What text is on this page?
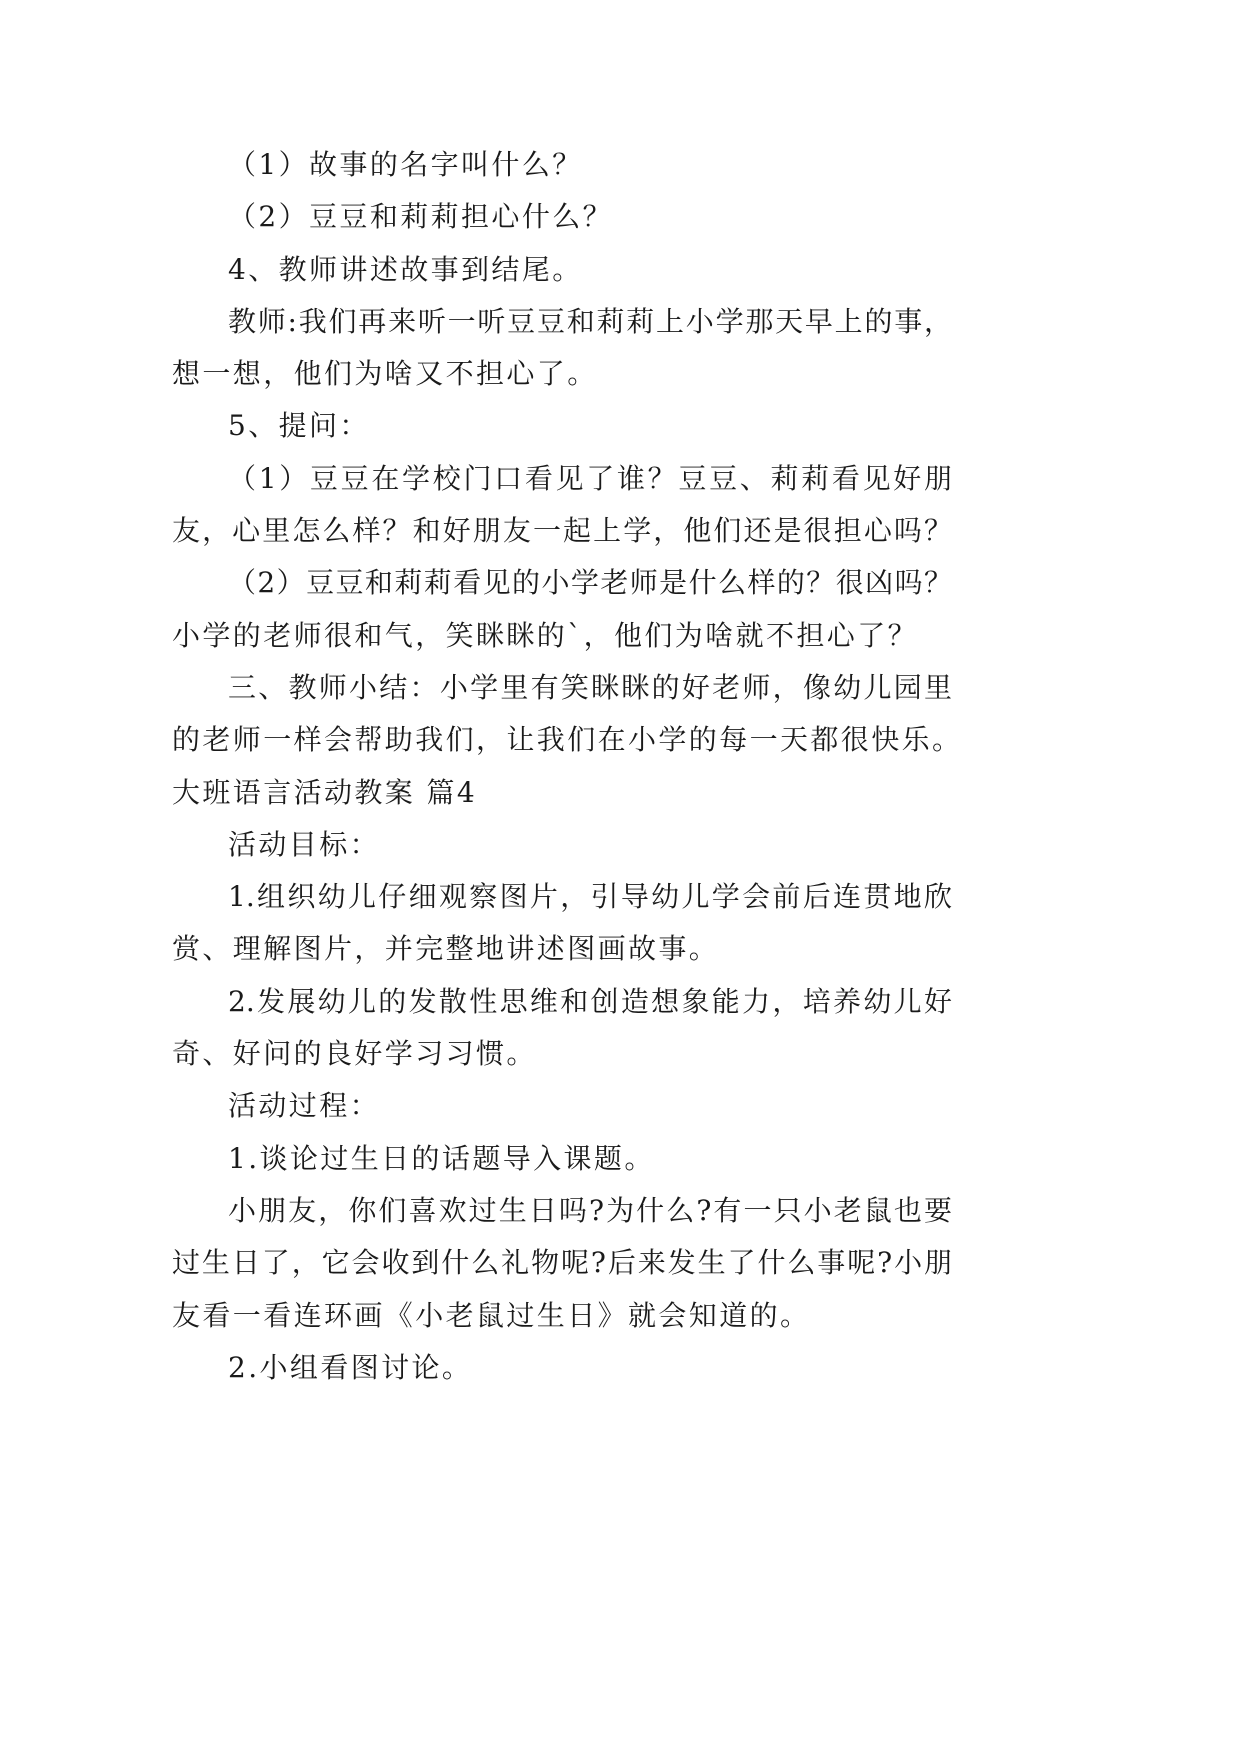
（1）故事的名字叫什么？
（2）豆豆和莉莉担心什么？
4、教师讲述故事到结尾。
教师:我们再来听一听豆豆和莉莉上小学那天早上的事，
想一想，他们为啥又不担心了。
5、提问：
（1）豆豆在学校门口看见了谁？豆豆、莉莉看见好朋
友，心里怎么样？和好朋友一起上学，他们还是很担心吗？
（2）豆豆和莉莉看见的小学老师是什么样的？很凶吗？
小学的老师很和气，笑眯眯的`，他们为啥就不担心了？
三、教师小结：小学里有笑眯眯的好老师，像幼儿园里
的老师一样会帮助我们，让我们在小学的每一天都很快乐。
大班语言活动教案 篇4
活动目标：
1.组织幼儿仔细观察图片，引导幼儿学会前后连贯地欣
赏、理解图片，并完整地讲述图画故事。
2.发展幼儿的发散性思维和创造想象能力，培养幼儿好
奇、好问的良好学习习惯。
活动过程：
1.谈论过生日的话题导入课题。
小朋友，你们喜欢过生日吗?为什么?有一只小老鼠也要
过生日了，它会收到什么礼物呢?后来发生了什么事呢?小朋
友看一看连环画《小老鼠过生日》就会知道的。
2.小组看图讨论。
